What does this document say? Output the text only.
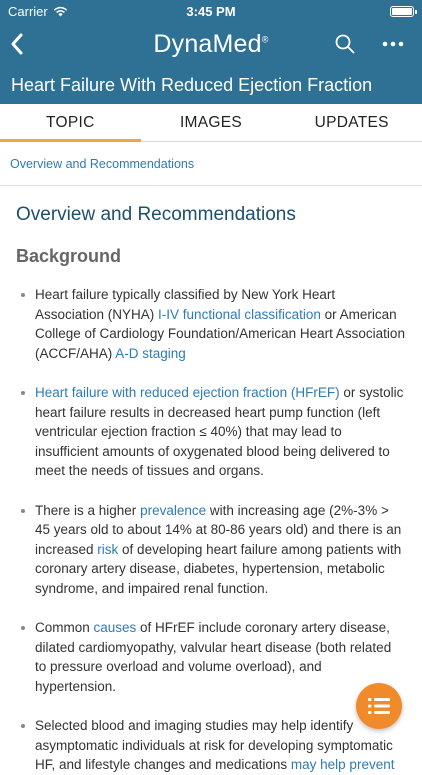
Carrier	3:45 PM
DynaMed®
Heart Failure With Reduced Ejection Fraction
TOPIC	IMAGES	UPDATES
Overview and Recommendations
Overview and Recommendations
Background
Heart failure typically classified by New York Heart Association (NYHA) I-IV functional classification or American College of Cardiology Foundation/American Heart Association (ACCF/AHA) A-D staging
Heart failure with reduced ejection fraction (HFrEF) or systolic heart failure results in decreased heart pump function (left ventricular ejection fraction ≤ 40%) that may lead to insufficient amounts of oxygenated blood being delivered to meet the needs of tissues and organs.
There is a higher prevalence with increasing age (2%-3% > 45 years old to about 14% at 80-86 years old) and there is an increased risk of developing heart failure among patients with coronary artery disease, diabetes, hypertension, metabolic syndrome, and impaired renal function.
Common causes of HFrEF include coronary artery disease, dilated cardiomyopathy, valvular heart disease (both related to pressure overload and volume overload), and hypertension.
Selected blood and imaging studies may help identify asymptomatic individuals at risk for developing symptomatic HF, and lifestyle changes and medications may help prevent
